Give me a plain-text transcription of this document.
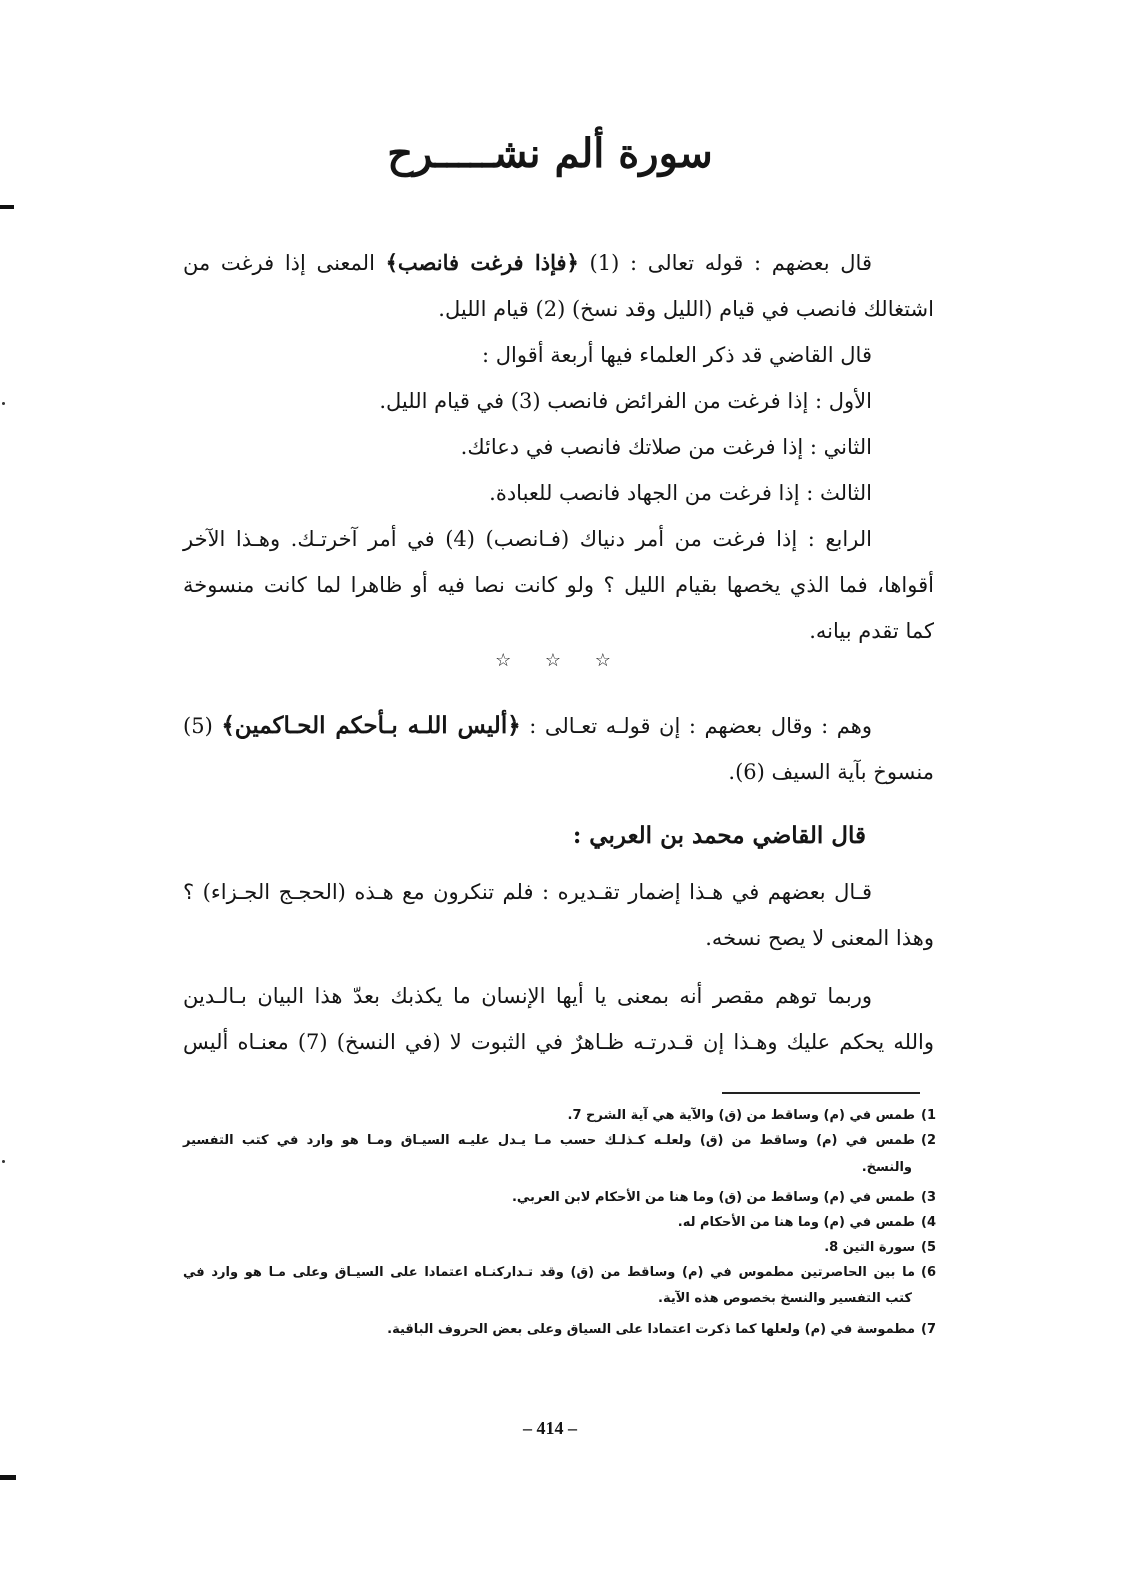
سورة ألم نشـــــرح
قال بعضهم : قوله تعالى : (1) ﴿فإذا فرغت فانصب﴾ المعنى إذا فرغت من
اشتغالك فانصب في قيام (الليل وقد نسخ) (2) قيام الليل.
قال القاضي قد ذكر العلماء فيها أربعة أقوال :
الأول : إذا فرغت من الفرائض فانصب (3) في قيام الليل.
الثاني : إذا فرغت من صلاتك فانصب في دعائك.
الثالث : إذا فرغت من الجهاد فانصب للعبادة.
الرابع : إذا فرغت من أمر دنياك (فـانصب) (4) في أمر آخرتـك. وهـذا الآخر
أقواها، فما الذي يخصها بقيام الليل ؟ ولو كانت نصا فيه أو ظاهرا لما كانت منسوخة
كما تقدم بيانه.
☆ ☆ ☆
وهم : وقال بعضهم : إن قولـه تعـالى : ﴿أليس اللـه بـأحكم الحـاكمين﴾ (5)
منسوخ بآية السيف (6).
قال القاضي محمد بن العربي :
قـال بعضهم في هـذا إضمار تقـديره : فلم تنكرون مع هـذه (الحجـج الجـزاء) ؟
وهذا المعنى لا يصح نسخه.
وربما توهم مقصر أنه بمعنى يا أيها الإنسان ما يكذبك بعدّ هذا البيان بـالـدين
والله يحكم عليك وهـذا إن قـدرتـه ظـاهرٌ في الثبوت لا (في النسخ) (7) معنـاه أليس
1)طمس في (م) وساقط من (ق) والآية هي آية الشرح 7.
2)طمس في (م) وساقط من (ق) ولعلـه كـذلـك حسب مـا يـدل عليـه السيـاق ومـا هو وارد في كتب التفسير
والنسخ.
3)طمس في (م) وساقط من (ق) وما هنا من الأحكام لابن العربي.
4)طمس في (م) وما هنا من الأحكام له.
5)سورة التين 8.
6)ما بين الحاصرتين مطموس في (م) وساقط من (ق) وقد تـداركنـاه اعتمادا على السيـاق وعلى مـا هو وارد في
كتب التفسير والنسخ بخصوص هذه الآية.
7)مطموسة في (م) ولعلها كما ذكرت اعتمادا على السياق وعلى بعض الحروف الباقية.
– 414 –
